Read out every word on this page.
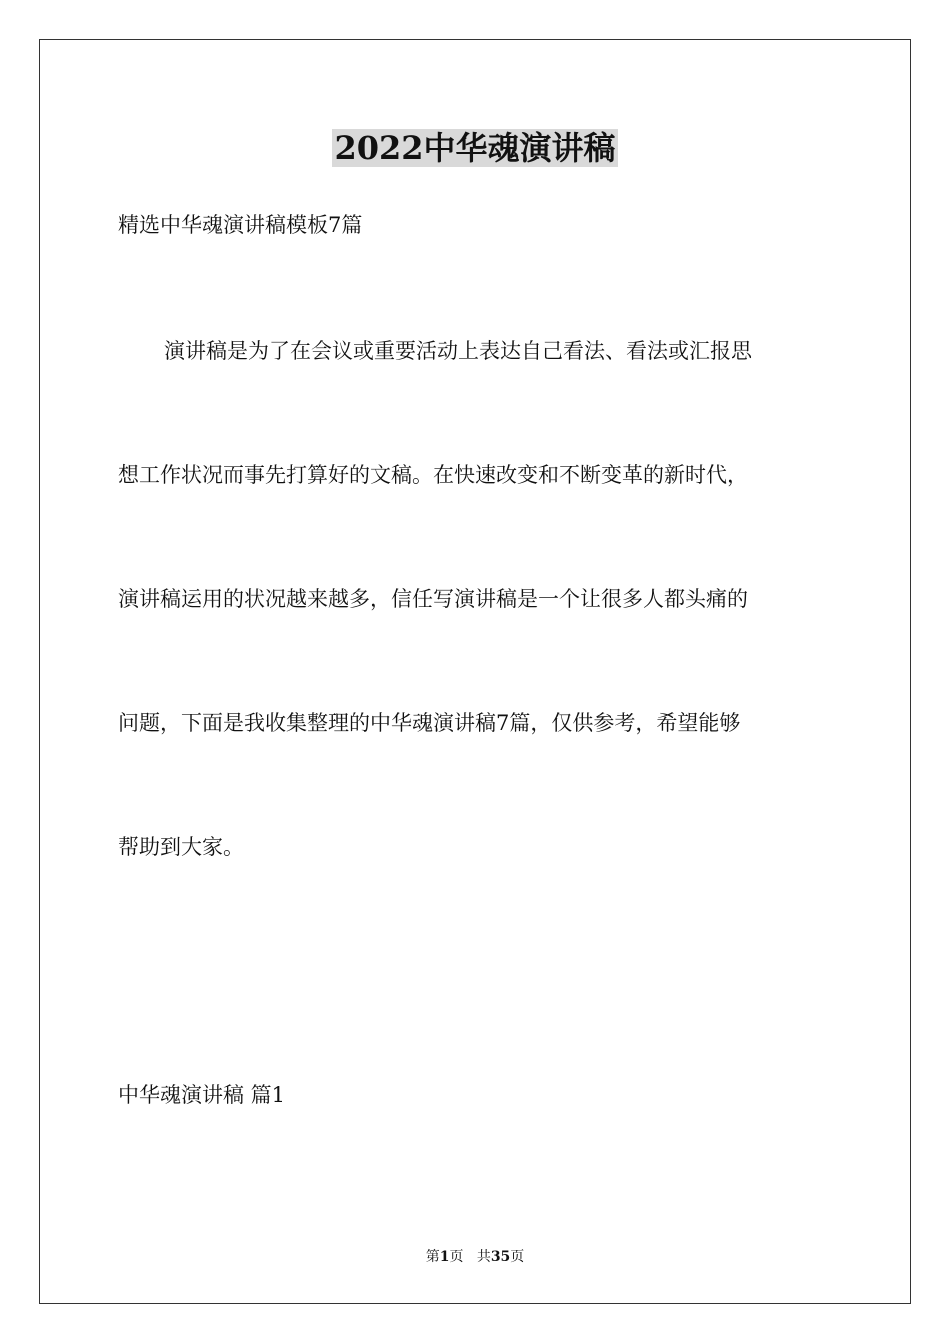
2022中华魂演讲稿
精选中华魂演讲稿模板7篇
演讲稿是为了在会议或重要活动上表达自己看法、看法或汇报思
想工作状况而事先打算好的文稿。在快速改变和不断变革的新时代，
演讲稿运用的状况越来越多，信任写演讲稿是一个让很多人都头痛的
问题，下面是我收集整理的中华魂演讲稿7篇，仅供参考，希望能够
帮助到大家。
中华魂演讲稿 篇1
第1页 共35页
